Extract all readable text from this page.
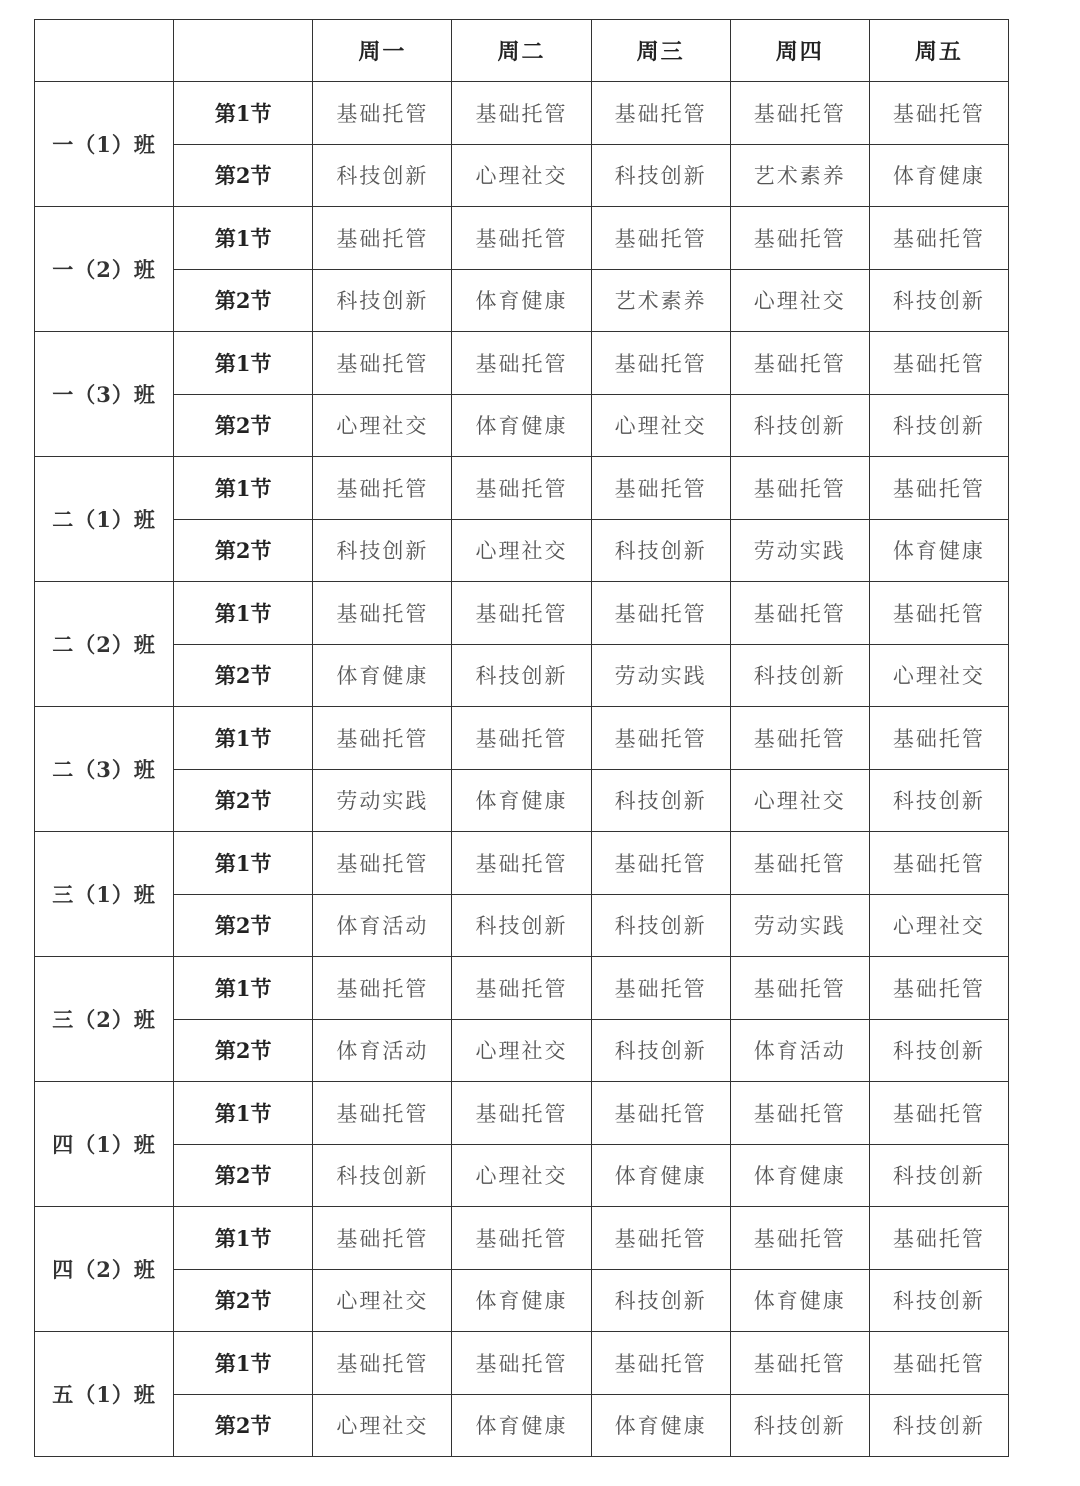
		周一	周二	周三	周四	周五
一（1）班	第1节	基础托管	基础托管	基础托管	基础托管	基础托管
	第2节	科技创新	心理社交	科技创新	艺术素养	体育健康
一（2）班	第1节	基础托管	基础托管	基础托管	基础托管	基础托管
	第2节	科技创新	体育健康	艺术素养	心理社交	科技创新
一（3）班	第1节	基础托管	基础托管	基础托管	基础托管	基础托管
	第2节	心理社交	体育健康	心理社交	科技创新	科技创新
二（1）班	第1节	基础托管	基础托管	基础托管	基础托管	基础托管
	第2节	科技创新	心理社交	科技创新	劳动实践	体育健康
二（2）班	第1节	基础托管	基础托管	基础托管	基础托管	基础托管
	第2节	体育健康	科技创新	劳动实践	科技创新	心理社交
二（3）班	第1节	基础托管	基础托管	基础托管	基础托管	基础托管
	第2节	劳动实践	体育健康	科技创新	心理社交	科技创新
三（1）班	第1节	基础托管	基础托管	基础托管	基础托管	基础托管
	第2节	体育活动	科技创新	科技创新	劳动实践	心理社交
三（2）班	第1节	基础托管	基础托管	基础托管	基础托管	基础托管
	第2节	体育活动	心理社交	科技创新	体育活动	科技创新
四（1）班	第1节	基础托管	基础托管	基础托管	基础托管	基础托管
	第2节	科技创新	心理社交	体育健康	体育健康	科技创新
四（2）班	第1节	基础托管	基础托管	基础托管	基础托管	基础托管
	第2节	心理社交	体育健康	科技创新	体育健康	科技创新
五（1）班	第1节	基础托管	基础托管	基础托管	基础托管	基础托管
	第2节	心理社交	体育健康	体育健康	科技创新	科技创新
